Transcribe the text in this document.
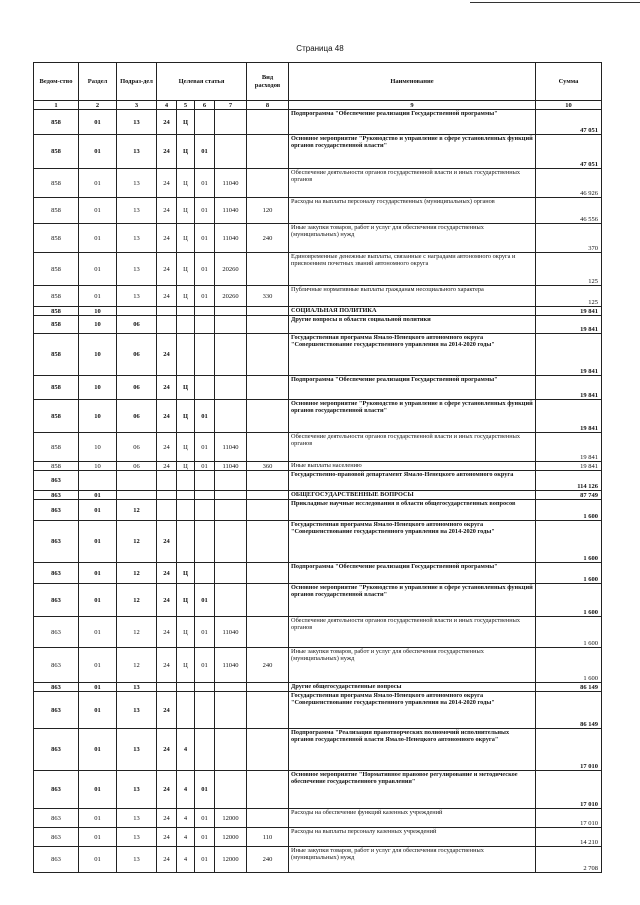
Страница 48
Ведом-ство	Раздел	Подраз-дел	Целевая статья				Вид расходов	Наименование	Сумма
1	2	3	4	5	6	7	8	9	10
858	01	13	24	Ц				Подпрограмма "Обеспечение реализации Государственной программы"	47 051
858	01	13	24	Ц	01			Основное мероприятие "Руководство и управление в сфере установленных функций органов государственной власти"	47 051
858	01	13	24	Ц	01	11040		Обеспечение деятельности органов государственной власти и иных государственных органов	46 926
858	01	13	24	Ц	01	11040	120	Расходы на выплаты персоналу государственных (муниципальных) органов	46 556
858	01	13	24	Ц	01	11040	240	Иные закупки товаров, работ и услуг для обеспечения государственных (муниципальных) нужд	370
858	01	13	24	Ц	01	20260		Единовременные денежные выплаты, связанные с наградами автономного округа и присвоением почетных званий автономного округа	125
858	01	13	24	Ц	01	20260	330	Публичные нормативные выплаты гражданам несоциального характера	125
858	10							СОЦИАЛЬНАЯ ПОЛИТИКА	19 841
858	10	06						Другие вопросы в области социальной политики	19 841
858	10	06	24					Государственная программа Ямало-Ненецкого автономного округа "Совершенствование государственного управления на 2014-2020 годы"	19 841
858	10	06	24	Ц				Подпрограмма "Обеспечение реализации Государственной программы"	19 841
858	10	06	24	Ц	01			Основное мероприятие "Руководство и управление в сфере установленных функций органов государственной власти"	19 841
858	10	06	24	Ц	01	11040		Обеспечение деятельности органов государственной власти и иных государственных органов	19 841
858	10	06	24	Ц	01	11040	360	Иные выплаты населению	19 841
863								Государственно-правовой департамент Ямало-Ненецкого автономного округа	114 126
863	01							ОБЩЕГОСУДАРСТВЕННЫЕ ВОПРОСЫ	87 749
863	01	12						Прикладные научные исследования в области общегосударственных вопросов	1 600
863	01	12	24					Государственная программа Ямало-Ненецкого автономного округа "Совершенствование государственного управления на 2014-2020 годы"	1 600
863	01	12	24	Ц				Подпрограмма "Обеспечение реализации Государственной программы"	1 600
863	01	12	24	Ц	01			Основное мероприятие "Руководство и управление в сфере установленных функций органов государственной власти"	1 600
863	01	12	24	Ц	01	11040		Обеспечение деятельности органов государственной власти и иных государственных органов	1 600
863	01	12	24	Ц	01	11040	240	Иные закупки товаров, работ и услуг для обеспечения государственных (муниципальных) нужд	1 600
863	01	13						Другие общегосударственные вопросы	86 149
863	01	13	24					Государственная программа Ямало-Ненецкого автономного округа "Совершенствование государственного управления на 2014-2020 годы"	86 149
863	01	13	24	4				Подпрограмма "Реализация правотворческих полномочий исполнительных органов государственной власти Ямало-Ненецкого автономного округа"	17 010
863	01	13	24	4	01			Основное мероприятие "Нормативное правовое регулирование и методическое обеспечение государственного управления"	17 010
863	01	13	24	4	01	12000		Расходы на обеспечение функций казенных учреждений	17 010
863	01	13	24	4	01	12000	110	Расходы на выплаты персоналу казенных учреждений	14 210
863	01	13	24	4	01	12000	240	Иные закупки товаров, работ и услуг для обеспечения государственных (муниципальных) нужд	2 708
